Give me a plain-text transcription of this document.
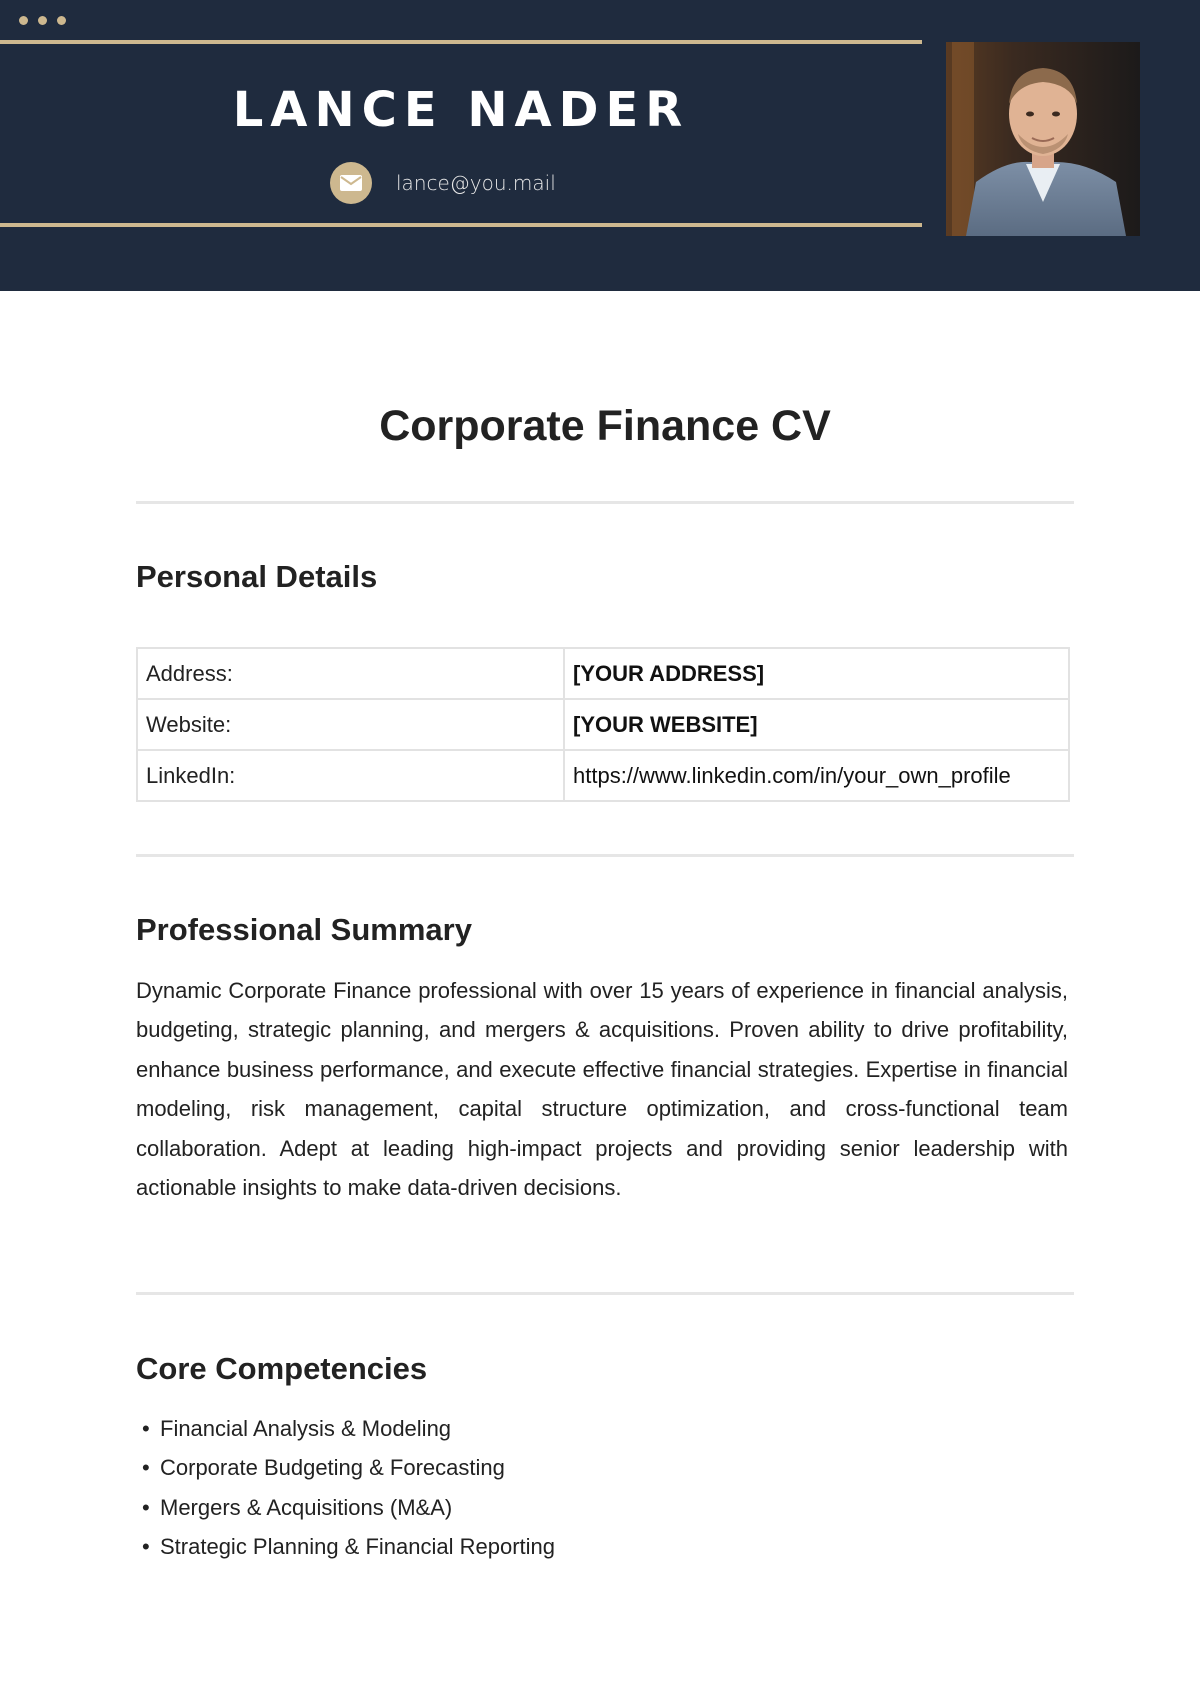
LANCE NADER
lance@you.mail
Corporate Finance CV
Personal Details
Address:	[YOUR ADDRESS]
Website:	[YOUR WEBSITE]
LinkedIn:	https://www.linkedin.com/in/your_own_profile
Professional Summary
Dynamic Corporate Finance professional with over 15 years of experience in financial analysis, budgeting, strategic planning, and mergers & acquisitions. Proven ability to drive profitability, enhance business performance, and execute effective financial strategies. Expertise in financial modeling, risk management, capital structure optimization, and cross-functional team collaboration. Adept at leading high-impact projects and providing senior leadership with actionable insights to make data-driven decisions.
Core Competencies
• Financial Analysis & Modeling
• Corporate Budgeting & Forecasting
• Mergers & Acquisitions (M&A)
• Strategic Planning & Financial Reporting
